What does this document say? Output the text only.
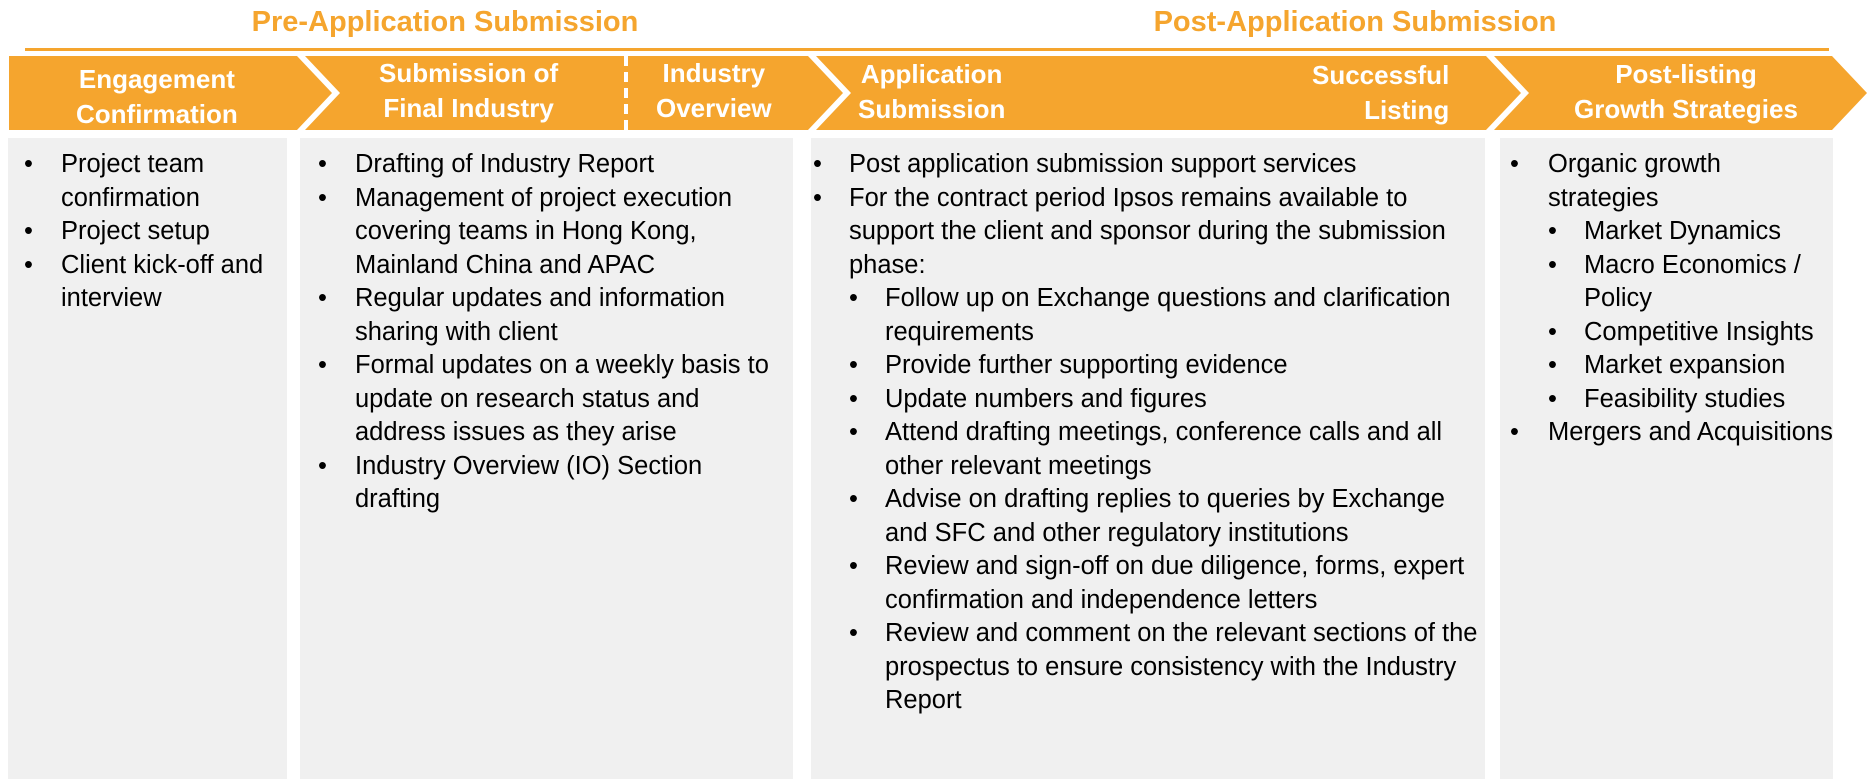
Pre-Application Submission	Post-Application Submission
Engagement
Confirmation
Submission of
Final Industry
Industry
Overview
Application
Submission
Successful
Listing
Post-listing
Growth Strategies
• Project team confirmation
• Project setup
• Client kick-off and interview
• Drafting of Industry Report
• Management of project execution covering teams in Hong Kong, Mainland China and APAC
• Regular updates and information sharing with client
• Formal updates on a weekly basis to update on research status and address issues as they arise
• Industry Overview (IO) Section drafting
• Post application submission support services
• For the contract period Ipsos remains available to support the client and sponsor during the submission phase:
• Follow up on Exchange questions and clarification requirements
• Provide further supporting evidence
• Update numbers and figures
• Attend drafting meetings, conference calls and all other relevant meetings
• Advise on drafting replies to queries by Exchange and SFC and other regulatory institutions
• Review and sign-off on due diligence, forms, expert confirmation and independence letters
• Review and comment on the relevant sections of the prospectus to ensure consistency with the Industry Report
• Organic growth strategies
• Market Dynamics
• Macro Economics / Policy
• Competitive Insights
• Market expansion
• Feasibility studies
• Mergers and Acquisitions
